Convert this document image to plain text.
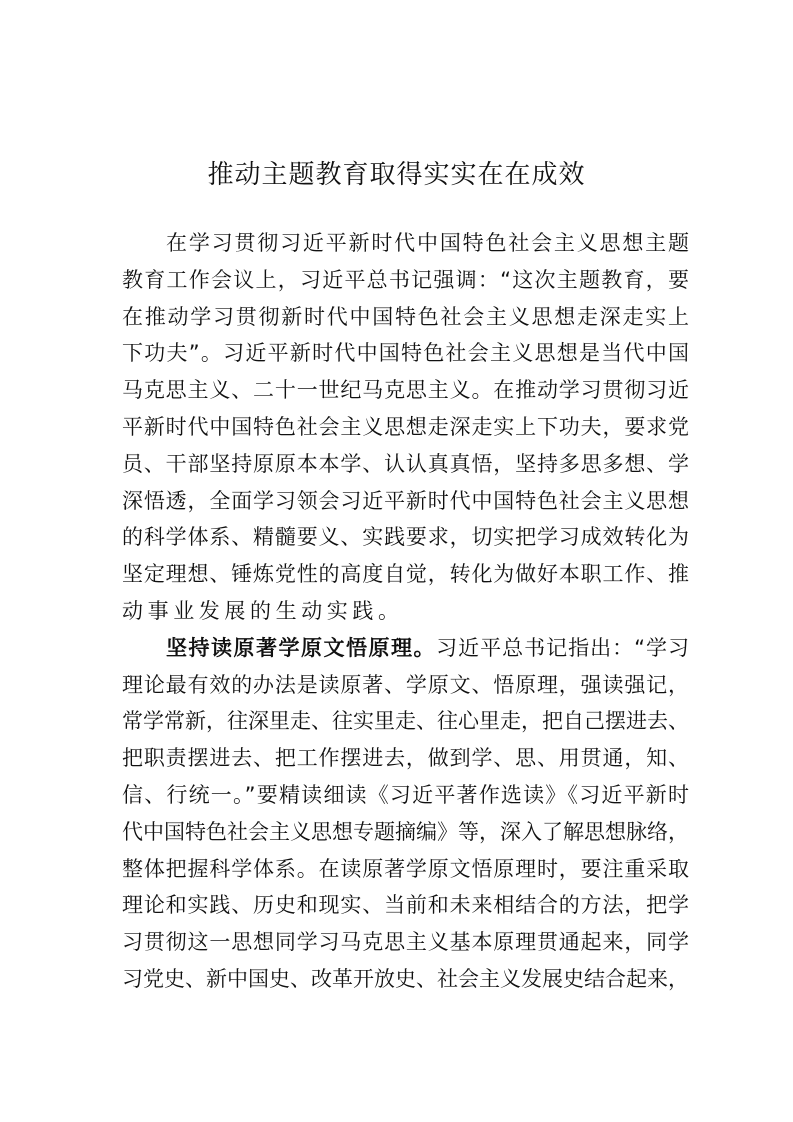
推动主题教育取得实实在在成效
在学习贯彻习近平新时代中国特色社会主义思想主题
教育工作会议上，习近平总书记强调：“这次主题教育，要
在推动学习贯彻新时代中国特色社会主义思想走深走实上
下功夫”。习近平新时代中国特色社会主义思想是当代中国
马克思主义、二十一世纪马克思主义。在推动学习贯彻习近
平新时代中国特色社会主义思想走深走实上下功夫，要求党
员、干部坚持原原本本学、认认真真悟，坚持多思多想、学
深悟透，全面学习领会习近平新时代中国特色社会主义思想
的科学体系、精髓要义、实践要求，切实把学习成效转化为
坚定理想、锤炼党性的高度自觉，转化为做好本职工作、推
动事业发展的生动实践。
坚持读原著学原文悟原理。习近平总书记指出：“学习
理论最有效的办法是读原著、学原文、悟原理，强读强记，
常学常新，往深里走、往实里走、往心里走，把自己摆进去、
把职责摆进去、把工作摆进去，做到学、思、用贯通，知、
信、行统一。”要精读细读《习近平著作选读》《习近平新时
代中国特色社会主义思想专题摘编》等，深入了解思想脉络，
整体把握科学体系。在读原著学原文悟原理时，要注重采取
理论和实践、历史和现实、当前和未来相结合的方法，把学
习贯彻这一思想同学习马克思主义基本原理贯通起来，同学
习党史、新中国史、改革开放史、社会主义发展史结合起来，
